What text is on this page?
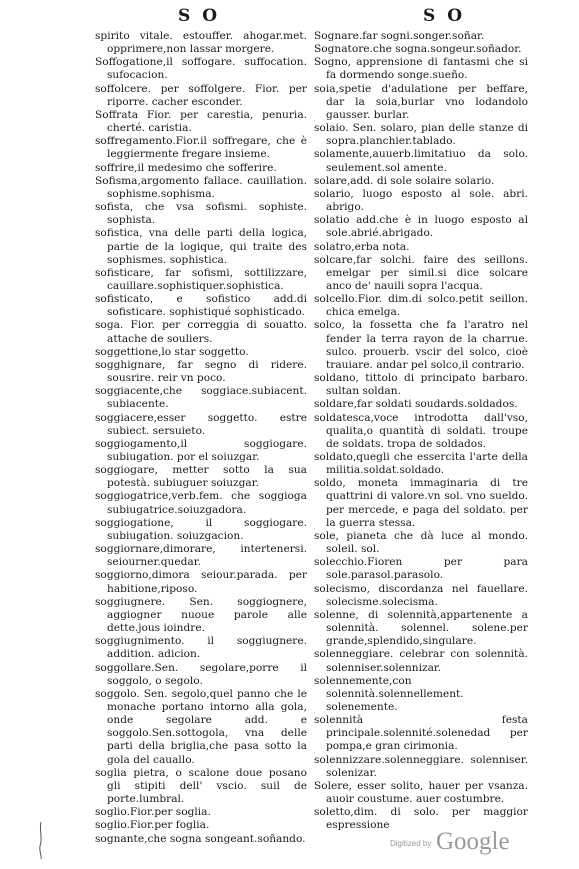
S O	S O

spirito vitale. estouffer. ahogar.met. opprimere,non lassar morgere.

Soffogatione,il soffogare. suffocation. sufocacion.

soffolcere. per soffolgere. Fior. per riporre. cacher esconder.

Soffrata Fior. per carestia, penuria. cherté. caristia.

soffregamento.Fior.il soffregare, che è leggiermente fregare insieme.

soffrire,il medesimo che sofferire.

Sofisma,argomento fallace. cauillation. sophisme.sophisma.

sofista, che vsa sofismi. sophiste. sophista.

sofistica, vna delle parti della logica, partie de la logique, qui traite des sophismes. sophistica.

sofisticare, far sofismi, sottilizzare, cauillare.sophistiquer.sophistica.

sofisticato, e sofistico add.di sofisticare. sophistiqué sophisticado.

soga. Fior. per correggia di souatto. attache de souliers.

soggettione,lo star soggetto.

sogghignare, far segno di ridere. sousrire. reir vn poco.

soggiacente,che soggiace.subiacent. subiacente.

soggiacere,esser soggetto. estre subiect. sersuieto.

soggiogamento,il soggiogare. subiugation. por el soiuzgar.

soggiogare, metter sotto la sua potestà. subiuguer soiuzgar.

soggiogatrice,verb.fem. che soggioga subiugatrice.soiuzgadora.

soggiogatione, il soggiogare. subiugation. soiuzgacion.

soggiornare,dimorare, intertenersi. seiourner.quedar.

soggiorno,dimora seiour.parada. per habitione,riposo.

soggiugnere. Sen. soggiognere, aggiogner nuoue parole alle dette.jous ioindre.

soggiugnimento. il soggiugnere. addition. adicion.

soggollare.Sen. segolare,porre il soggolo, o segolo.

soggolo. Sen. segolo,quel panno che le monache portano intorno alla gola, onde segolare add. e soggolo.Sen.sottogola, vna delle parti della briglia,che pasa sotto la gola del cauallo.

soglia pietra, o scalone doue posano gli stipiti dell' vscio. suil de porte.lumbral.

soglio.Fior.per soglia.

soglio.Fior.per foglia.

sognante,che sogna songeant.soñando.

Sognare.far sogni.songer.soñar.

Sognatore.che sogna.songeur.soñador.

Sogno, apprensione di fantasmi che si fa dormendo songe.sueño.

soia,spetie d'adulatione per beffare, dar la soia,burlar vno lodandolo gausser. burlar.

solaio. Sen. solaro, pian delle stanze di sopra.planchier.tablado.

solamente,auuerb.limitatiuo da solo. seulement.sol amente.

solare,add. di sole solaire solario.

solario, luogo esposto al sole. abri. abrigo.

solatio add.che è in luogo esposto al sole.abrié.abrigado.

solatro,erba nota.

solcare,far solchi. faire des seillons. emelgar per simil.si dice solcare anco de' nauili sopra l'acqua.

solcello.Fior. dim.di solco.petit seillon. chica emelga.

solco, la fossetta che fa l'aratro nel fender la terra rayon de la charrue. sulco. prouerb. vscir del solco, cioè trauiare. andar pel solco,il contrario.

soldano, tittolo di principato barbaro. sultan soldan.

soldare,far soldati soudards.soldados.

soldatesca,voce introdotta dall'vso, qualita,o quantità di soldati. troupe de soldats. tropa de soldados.

soldato,quegli che essercita l'arte della militia.soldat.soldado.

soldo, moneta immaginaria di tre quattrini di valore.vn sol. vno sueldo. per mercede, e paga del soldato. per la guerra stessa.

sole, pianeta che dà luce al mondo. soleil. sol.

solecchio.Fioren per para sole.parasol.parasolo.

solecismo, discordanza nel fauellare. solecisme.solecisma.

solenne, di solennità,appartenente a solennità. solennel. solene.per grande,splendido,singulare.

solenneggiare. celebrar con solennità. solenniser.solennizar.

solennemente,con solennità.solennellement. solenemente.

solennità festa principale.solennité.solenedad per pompa,e gran cirimonia.

solennizzare.solenneggiare. solenniser. solenizar.

Solere, esser solito, hauer per vsanza. auoir coustume. auer costumbre.

soletto,dim. di solo. per maggior espressione

Digitized by Google
